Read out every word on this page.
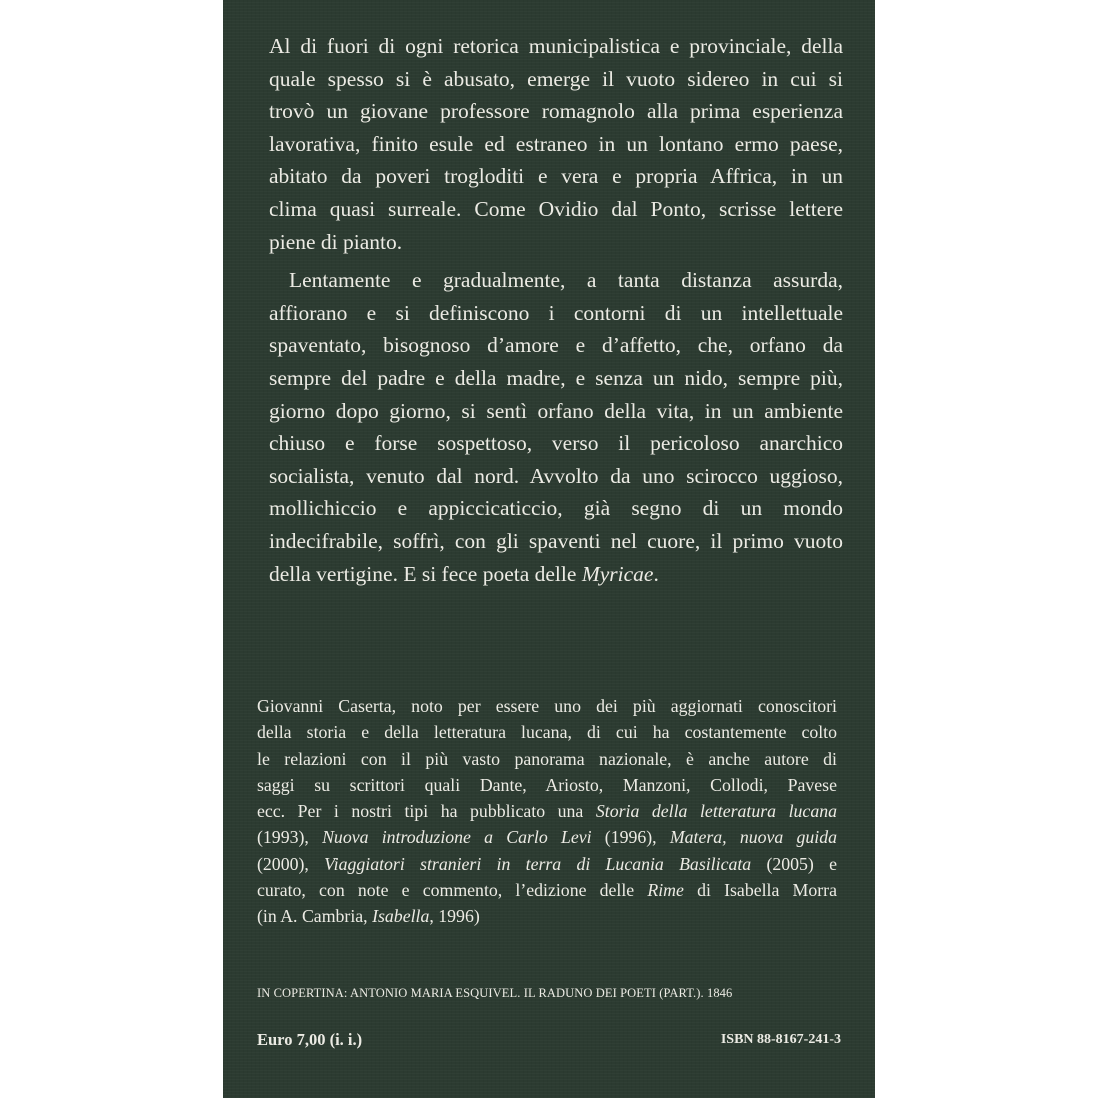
Al di fuori di ogni retorica municipalistica e provinciale, della

quale spesso si è abusato, emerge il vuoto sidereo in cui si

trovò un giovane professore romagnolo alla prima esperienza

lavorativa, finito esule ed estraneo in un lontano ermo paese,

abitato da poveri trogloditi e vera e propria Affrica, in un

clima quasi surreale. Come Ovidio dal Ponto, scrisse lettere

piene di pianto.

Lentamente e gradualmente, a tanta distanza assurda,

affiorano e si definiscono i contorni di un intellettuale

spaventato, bisognoso d’amore e d’affetto, che, orfano da

sempre del padre e della madre, e senza un nido, sempre più,

giorno dopo giorno, si sentì orfano della vita, in un ambiente

chiuso e forse sospettoso, verso il pericoloso anarchico

socialista, venuto dal nord. Avvolto da uno scirocco uggioso,

mollichiccio e appiccicaticcio, già segno di un mondo

indecifrabile, soffrì, con gli spaventi nel cuore, il primo vuoto

della vertigine. E si fece poeta delle Myricae.

Giovanni Caserta, noto per essere uno dei più aggiornati conoscitori

della storia e della letteratura lucana, di cui ha costantemente colto

le relazioni con il più vasto panorama nazionale, è anche autore di

saggi su scrittori quali Dante, Ariosto, Manzoni, Collodi, Pavese

ecc. Per i nostri tipi ha pubblicato una Storia della letteratura lucana

(1993), Nuova introduzione a Carlo Levi (1996), Matera, nuova guida

(2000), Viaggiatori stranieri in terra di Lucania Basilicata (2005) e

curato, con note e commento, l’edizione delle Rime di Isabella Morra

(in A. Cambria, Isabella, 1996)

IN COPERTINA: ANTONIO MARIA ESQUIVEL. IL RADUNO DEI POETI (PART.). 1846
Euro 7,00 (i. i.)	ISBN 88-8167-241-3
